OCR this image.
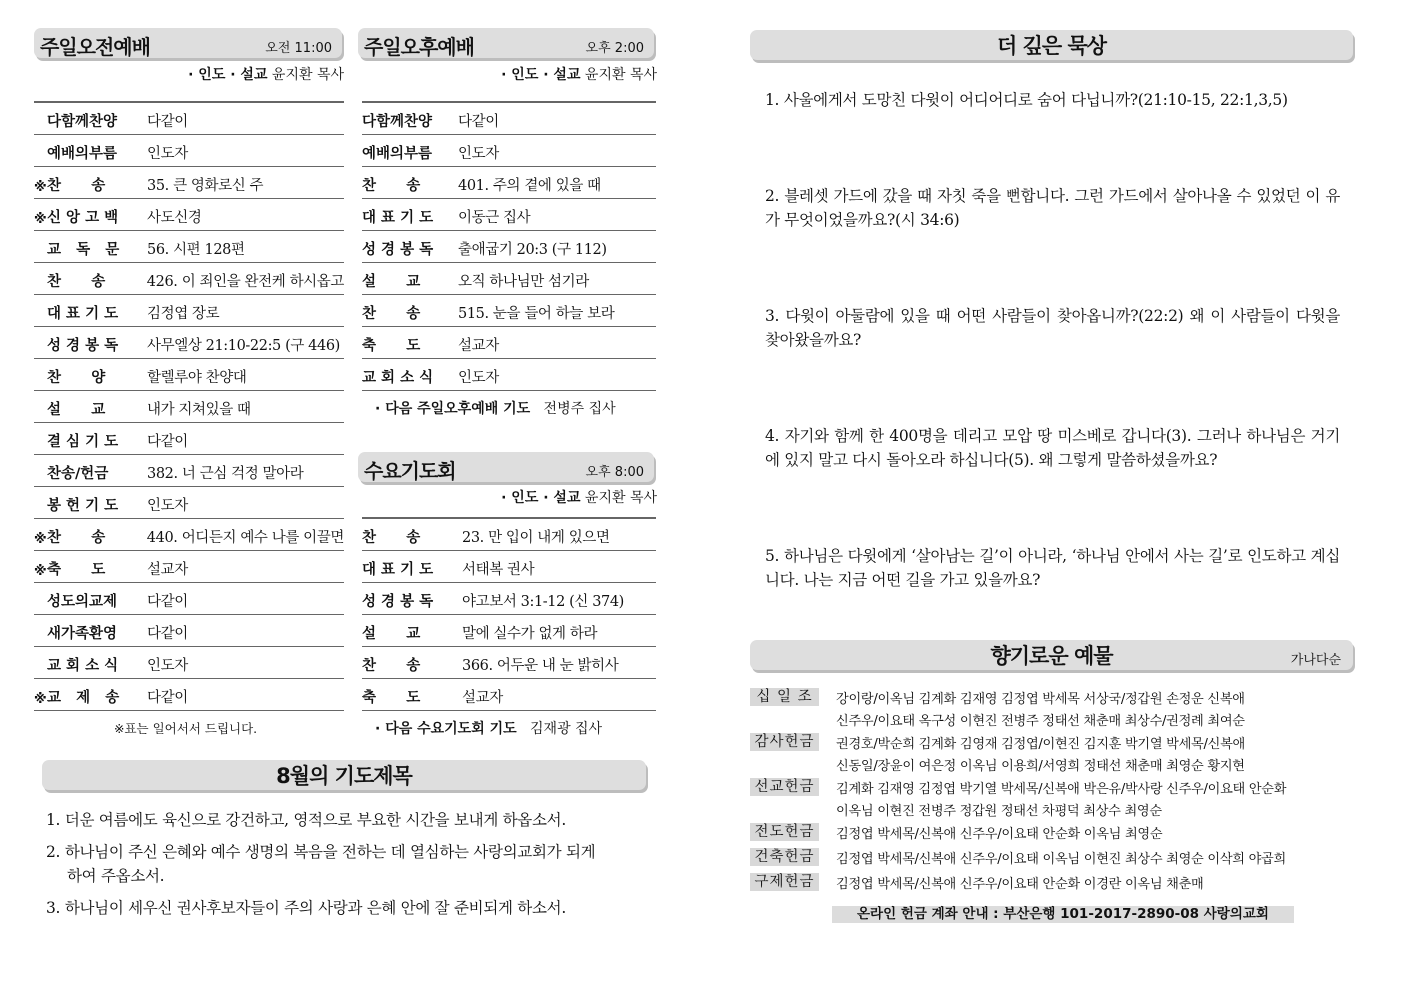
주일오전예배	오전 11:00
· 인도 · 설교 윤지환 목사
다함께찬양	다같이
예배의부름	인도자
※ 찬      송	35. 큰 영화로신 주
※ 신 앙 고 백	사도신경
교   독   문	56. 시편 128편
찬      송	426. 이 죄인을 완전케 하시옵고
대 표 기 도	김정엽 장로
성 경 봉 독	사무엘상 21:10-22:5 (구 446)
찬      양	할렐루야 찬양대
설      교	내가 지쳐있을 때
결 심 기 도	다같이
찬송/헌금	382. 너 근심 걱정 말아라
봉 헌 기 도	인도자
※ 찬      송	440. 어디든지 예수 나를 이끌면
※ 축      도	설교자
성도의교제	다같이
새가족환영	다같이
교 회 소 식	인도자
※ 교   제   송	다같이
※표는 일어서서 드립니다.
주일오후예배	오후 2:00
· 인도 · 설교 윤지환 목사
다함께찬양	다같이
예배의부름	인도자
찬      송	401. 주의 곁에 있을 때
대 표 기 도	이동근 집사
성 경 봉 독	출애굽기 20:3 (구 112)
설      교	오직 하나님만 섬기라
찬      송	515. 눈을 들어 하늘 보라
축      도	설교자
교 회 소 식	인도자
· 다음 주일오후예배 기도 전병주 집사
수요기도회	오후 8:00
· 인도 · 설교 윤지환 목사
찬      송	23. 만 입이 내게 있으면
대 표 기 도	서태복 권사
성 경 봉 독	야고보서 3:1-12 (신 374)
설      교	말에 실수가 없게 하라
찬      송	366. 어두운 내 눈 밝히사
축      도	설교자
· 다음 수요기도회 기도 김재광 집사
8월의 기도제목
1. 더운 여름에도 육신으로 강건하고, 영적으로 부요한 시간을 보내게 하옵소서.
2. 하나님이 주신 은혜와 예수 생명의 복음을 전하는 데 열심하는 사랑의교회가 되게
하여 주옵소서.
3. 하나님이 세우신 권사후보자들이 주의 사랑과 은혜 안에 잘 준비되게 하소서.
더 깊은 묵상
1. 사울에게서 도망친 다윗이 어디어디로 숨어 다닙니까?(21:10-15, 22:1,3,5)
2. 블레셋 가드에 갔을 때 자칫 죽을 뻔합니다. 그런 가드에서 살아나올 수 있었던 이 유가 무엇이었을까요?(시 34:6)
3. 다윗이 아둘람에 있을 때 어떤 사람들이 찾아옵니까?(22:2) 왜 이 사람들이 다윗을 찾아왔을까요?
4. 자기와 함께 한 400명을 데리고 모압 땅 미스베로 갑니다(3). 그러나 하나님은 거기에 있지 말고 다시 돌아오라 하십니다(5). 왜 그렇게 말씀하셨을까요?
5. 하나님은 다윗에게 ‘살아남는 길’이 아니라, ‘하나님 안에서 사는 길’로 인도하고 계십니다. 나는 지금 어떤 길을 가고 있을까요?
향기로운 예물	가나다순
십 일 조	강이랑/이옥님 김계화 김재영 김정엽 박세목 서상국/정갑원 손정운 신복애
신주우/이요태 옥구성 이현진 전병주 정태선 채춘매 최상수/권정례 최여순
감사헌금	권경호/박순희 김계화 김영재 김정엽/이현진 김지훈 박기열 박세목/신복애
신동일/장윤이 여은정 이옥님 이용희/서영희 정태선 채춘매 최영순 황지현
선교헌금	김계화 김재영 김정엽 박기열 박세목/신복애 박은유/박사랑 신주우/이요태 안순화
이옥님 이현진 전병주 정갑원 정태선 차평덕 최상수 최영순
전도헌금	김정엽 박세목/신복애 신주우/이요태 안순화 이옥님 최영순
건축헌금	김정엽 박세목/신복애 신주우/이요태 이옥님 이현진 최상수 최영순 이삭희 야곱희
구제헌금	김정엽 박세목/신복애 신주우/이요태 안순화 이경란 이옥님 채춘매
온라인 헌금 계좌 안내 : 부산은행 101-2017-2890-08 사랑의교회
